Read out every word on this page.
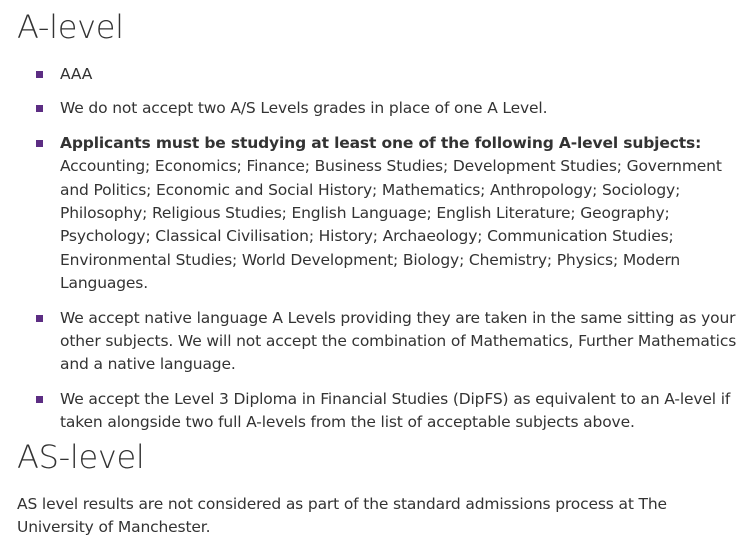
A-level
AAA
We do not accept two A/S Levels grades in place of one A Level.
Applicants must be studying at least one of the following A-level subjects: Accounting; Economics; Finance; Business Studies; Development Studies; Government and Politics; Economic and Social History; Mathematics; Anthropology; Sociology; Philosophy; Religious Studies; English Language; English Literature; Geography; Psychology; Classical Civilisation; History; Archaeology; Communication Studies; Environmental Studies; World Development; Biology; Chemistry; Physics; Modern Languages.
We accept native language A Levels providing they are taken in the same sitting as your other subjects. We will not accept the combination of Mathematics, Further Mathematics and a native language.
We accept the Level 3 Diploma in Financial Studies (DipFS) as equivalent to an A-level if taken alongside two full A-levels from the list of acceptable subjects above.
AS-level

AS level results are not considered as part of the standard admissions process at The University of Manchester.
